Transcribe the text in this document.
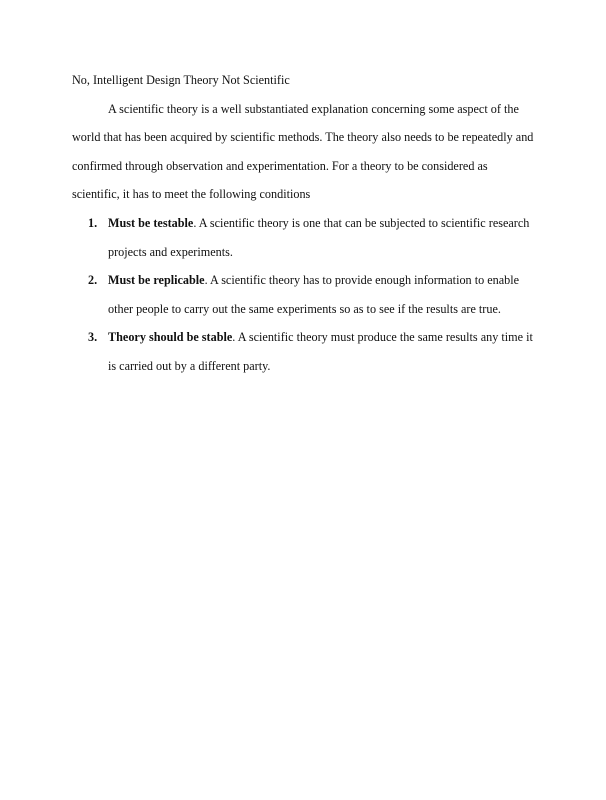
No, Intelligent Design Theory Not Scientific

A scientific theory is a well substantiated explanation concerning some aspect of the world that has been acquired by scientific methods. The theory also needs to be repeatedly and confirmed through observation and experimentation. For a theory to be considered as scientific, it has to meet the following conditions

1. Must be testable. A scientific theory is one that can be subjected to scientific research projects and experiments.
2. Must be replicable. A scientific theory has to provide enough information to enable other people to carry out the same experiments so as to see if the results are true.
3. Theory should be stable. A scientific theory must produce the same results any time it is carried out by a different party.
